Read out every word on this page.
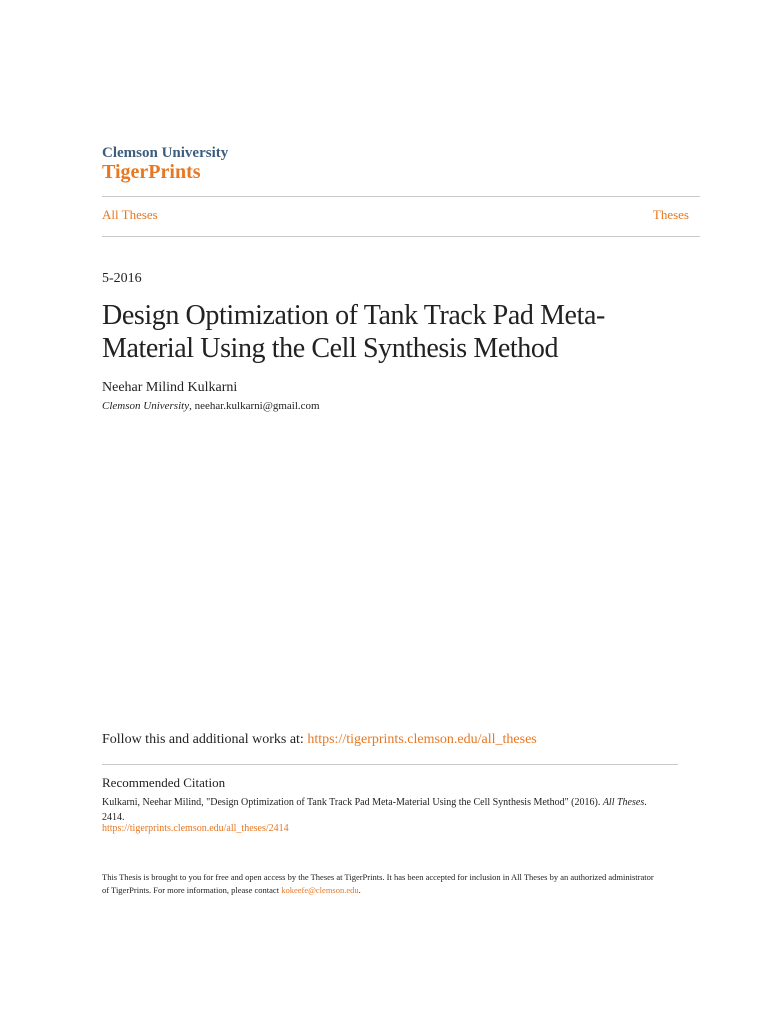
Clemson University
TigerPrints
All Theses	Theses
5-2016
Design Optimization of Tank Track Pad Meta-
Material Using the Cell Synthesis Method
Neehar Milind Kulkarni
Clemson University, neehar.kulkarni@gmail.com
Follow this and additional works at: https://tigerprints.clemson.edu/all_theses
Recommended Citation
Kulkarni, Neehar Milind, "Design Optimization of Tank Track Pad Meta-Material Using the Cell Synthesis Method" (2016). All Theses. 2414.
https://tigerprints.clemson.edu/all_theses/2414
This Thesis is brought to you for free and open access by the Theses at TigerPrints. It has been accepted for inclusion in All Theses by an authorized administrator of TigerPrints. For more information, please contact kokeefe@clemson.edu.
